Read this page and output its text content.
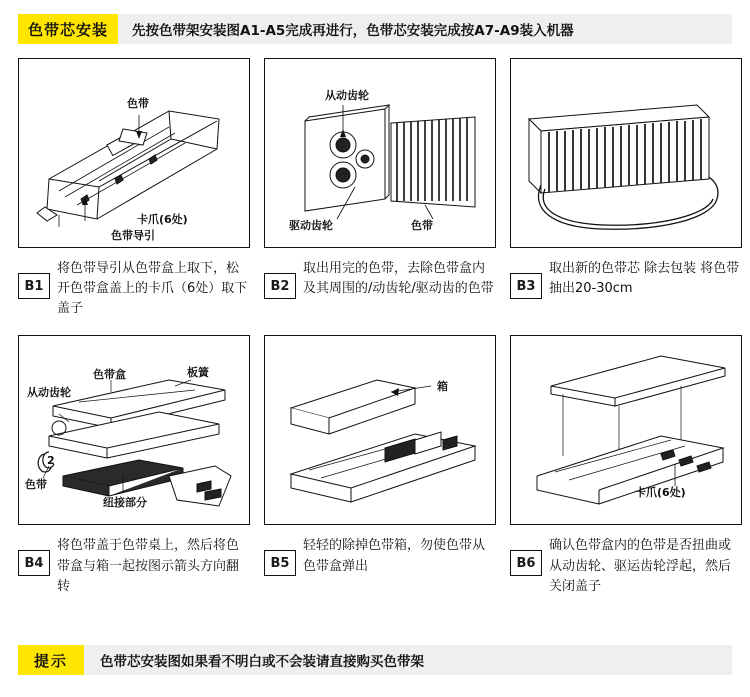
色带芯安装	先按色带架安装图A1-A5完成再进行，色带芯安装完成按A7-A9装入机器
色带
卡爪(6处)
色带导引
B1
将色带导引从色带盒上取下，松开色带盒盖上的卡爪（6处）取下盖子
从动齿轮
驱动齿轮	色带
B2
取出用完的色带，去除色带盒内及其周围的/动齿轮/驱动齿的色带	B3
取出新的色带芯 除去包装 将色带抽出20-30cm
色带盒	板簧
从动齿轮
色带
纽接部分
2
B4
将色带盖于色带桌上，然后将色带盒与箱一起按图示箭头方向翻转
箱
B5
轻轻的除掉色带箱，勿使色带从色带盒弹出
卡爪(6处)
B6
确认色带盒内的色带是否扭曲或从动齿轮、驱运齿轮浮起，然后关闭盖子
提示	色带芯安装图如果看不明白或不会装请直接购买色带架
